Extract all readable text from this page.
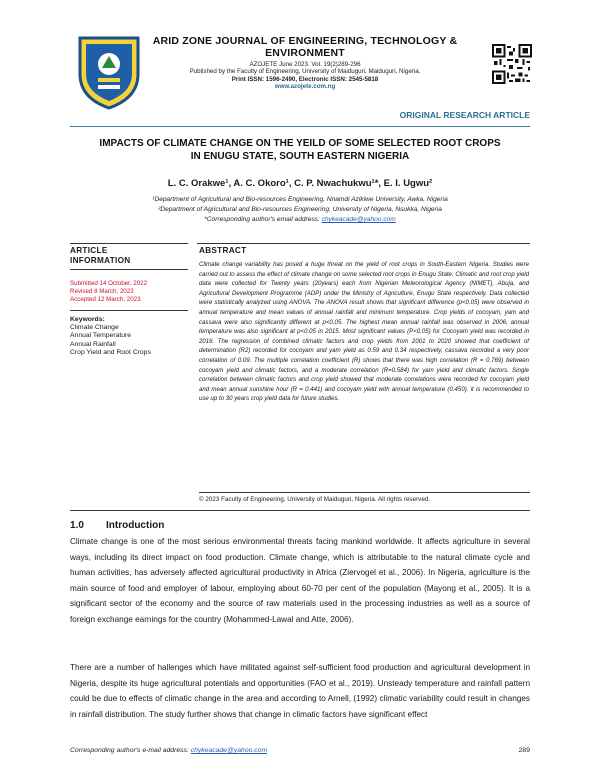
ARID ZONE JOURNAL OF ENGINEERING, TECHNOLOGY &
ENVIRONMENT
AZOJETE June 2023. Vol. 19(2)289-296
Published by the Faculty of Engineering, University of Maiduguri, Maiduguri, Nigeria.
Print ISSN: 1596-2490, Electronic ISSN: 2545-5818
www.azojete.com.ng
ORIGINAL RESEARCH ARTICLE
IMPACTS OF CLIMATE CHANGE ON THE YEILD OF SOME SELECTED ROOT CROPS
IN ENUGU STATE, SOUTH EASTERN NIGERIA
L. C. Orakwe¹, A. C. Okoro¹, C. P. Nwachukwu¹*, E. I. Ugwu²
¹Department of Agricultural and Bio-resources Engineering, Nnamdi Azikiwe University, Awka, Nigeria
²Department of Agricultural and Bio-resources Engineering, University of Nigeria, Nsukka, Nigeria
*Corresponding author's email address: chykeacade@yahoo.com
ARTICLE
INFORMATION
Submitted 14 October, 2022
Revised 8 March, 2023
Accepted 12 March, 2023
Keywords:
Climate Change
Annual Temperature
Annual Rainfall
Crop Yield and Root Crops
ABSTRACT
Climate change variability has posed a huge threat on the yield of root crops in South-Eastern Nigeria. Studies were carried out to assess the effect of climate change on some selected root crops in Enugu State. Climatic and root crop yield data were collected for Twenty years (20years) each from Nigerian Meteorological Agency (NIMET), Abuja, and Agricultural Development Programme (ADP) under the Ministry of Agriculture, Enugu State respectively. Data collected were statistically analyzed using ANOVA. The ANOVA result shows that significant difference (p<0.05) were observed in annual temperature and mean values of annual rainfall and minimum temperature. Crop yields of cocoyam, yam and cassava were also significantly different at p<0.05. The highest mean annual rainfall was observed in 2006, annual temperature was also significant at p<0.05 in 2015. Most significant values (P<0.05) for Cocoyam yield was recorded in 2016. The regression of combined climatic factors and crop yields from 2001 to 2020 showed that coefficient of determination (R2) recorded for cocoyam and yam yield as 0.59 and 0.34 respectively, cassava recorded a very poor correlation of 0.09. The multiple correlation coefficient (R) shows that there was high correlation (R = 0.769) between cocoyam yield and climatic factors, and a moderate correlation (R=0.584) for yam yield and climatic factors. Single correlation between climatic factors and crop yield showed that moderate correlations were recorded for cocoyam yield and mean annual sunshine hour (R = 0.441) and cocoyam yield with annual temperature (0.450). it is recommended to use up to 30 years crop yield data for future studies.
© 2023 Faculty of Engineering, University of Maiduguri, Nigeria. All rights reserved.
1.0 Introduction
Climate change is one of the most serious environmental threats facing mankind worldwide. It affects agriculture in several ways, including its direct impact on food production. Climate change, which is attributable to the natural climate cycle and human activities, has adversely affected agricultural productivity in Africa (Ziervogel et al., 2006). In Nigeria, agriculture is the main source of food and employer of labour, employing about 60-70 per cent of the population (Mayong et al., 2005). It is a significant sector of the economy and the source of raw materials used in the processing industries as well as a source of foreign exchange earnings for the country (Mohammed-Lawal and Atte, 2006).
There are a number of hallenges which have militated against self-sufficient food production and agricultural development in Nigeria, despite its huge agricultural potentials and opportunities (FAO et al., 2019). Unsteady temperature and rainfall pattern could be due to effects of climatic change in the area and according to Arnell, (1992) climatic variability could result in changes in rainfall distribution. The study further shows that change in climatic factors have significant effect
Corresponding author's e-mail address: chykeacade@yahoo.com	289
